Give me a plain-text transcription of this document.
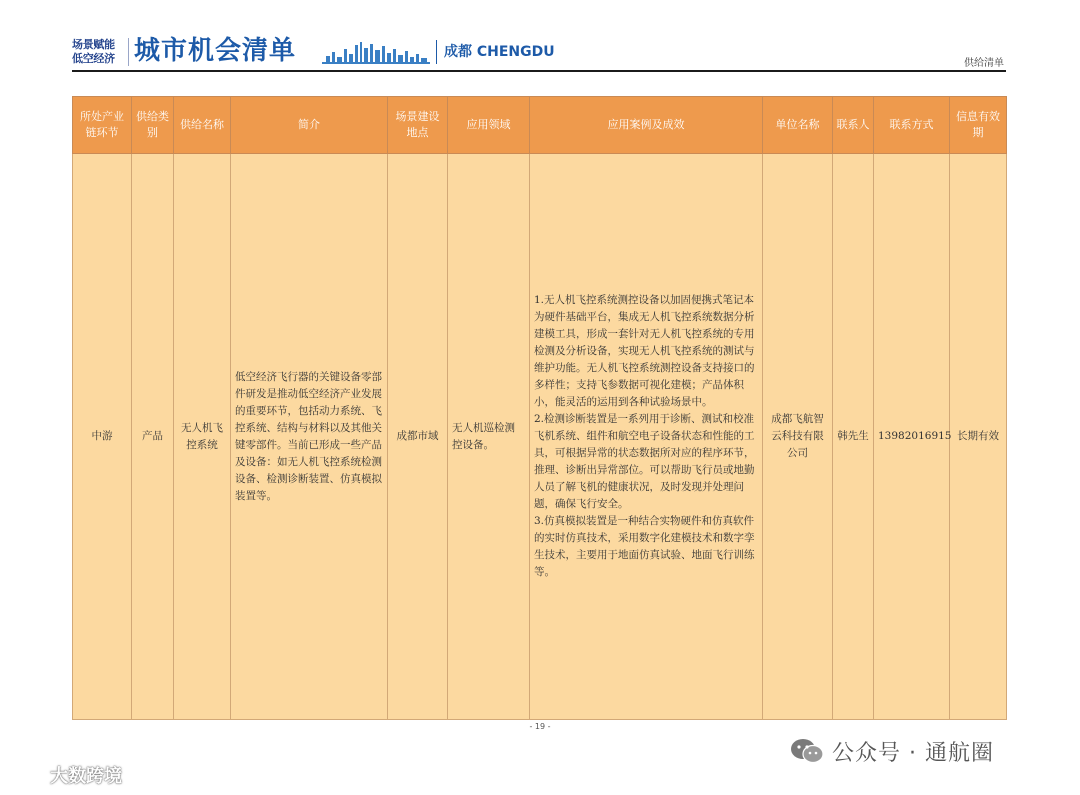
场景赋能
低空经济 城市机会清单	成都 CHENGDU
供给清单
所处产业链环节	供给类别	供给名称	简介	场景建设地点	应用领域	应用案例及成效	单位名称	联系人	联系方式	信息有效期
中游	产品	无人机飞控系统	低空经济飞行器的关键设备零部件研发是推动低空经济产业发展的重要环节，包括动力系统、飞控系统、结构与材料以及其他关键零部件。当前已形成一些产品及设备：如无人机飞控系统检测设备、检测诊断装置、仿真模拟装置等。	成都市域	无人机巡检测控设备。	1.无人机飞控系统测控设备以加固便携式笔记本为硬件基础平台，集成无人机飞控系统数据分析建模工具，形成一套针对无人机飞控系统的专用检测及分析设备，实现无人机飞控系统的测试与维护功能。无人机飞控系统测控设备支持接口的多样性；支持飞参数据可视化建模；产品体积小，能灵活的运用到各种试验场景中。

2.检测诊断装置是一系列用于诊断、测试和校准飞机系统、组件和航空电子设备状态和性能的工具，可根据异常的状态数据所对应的程序环节，推理、诊断出异常部位。可以帮助飞行员或地勤人员了解飞机的健康状况，及时发现并处理问题，确保飞行安全。

3.仿真模拟装置是一种结合实物硬件和仿真软件的实时仿真技术，采用数字化建模技术和数字孪生技术，主要用于地面仿真试验、地面飞行训练等。	成都飞航智云科技有限公司	韩先生	13982016915	长期有效
- 19 -
公众号 · 通航圈
大数跨境
